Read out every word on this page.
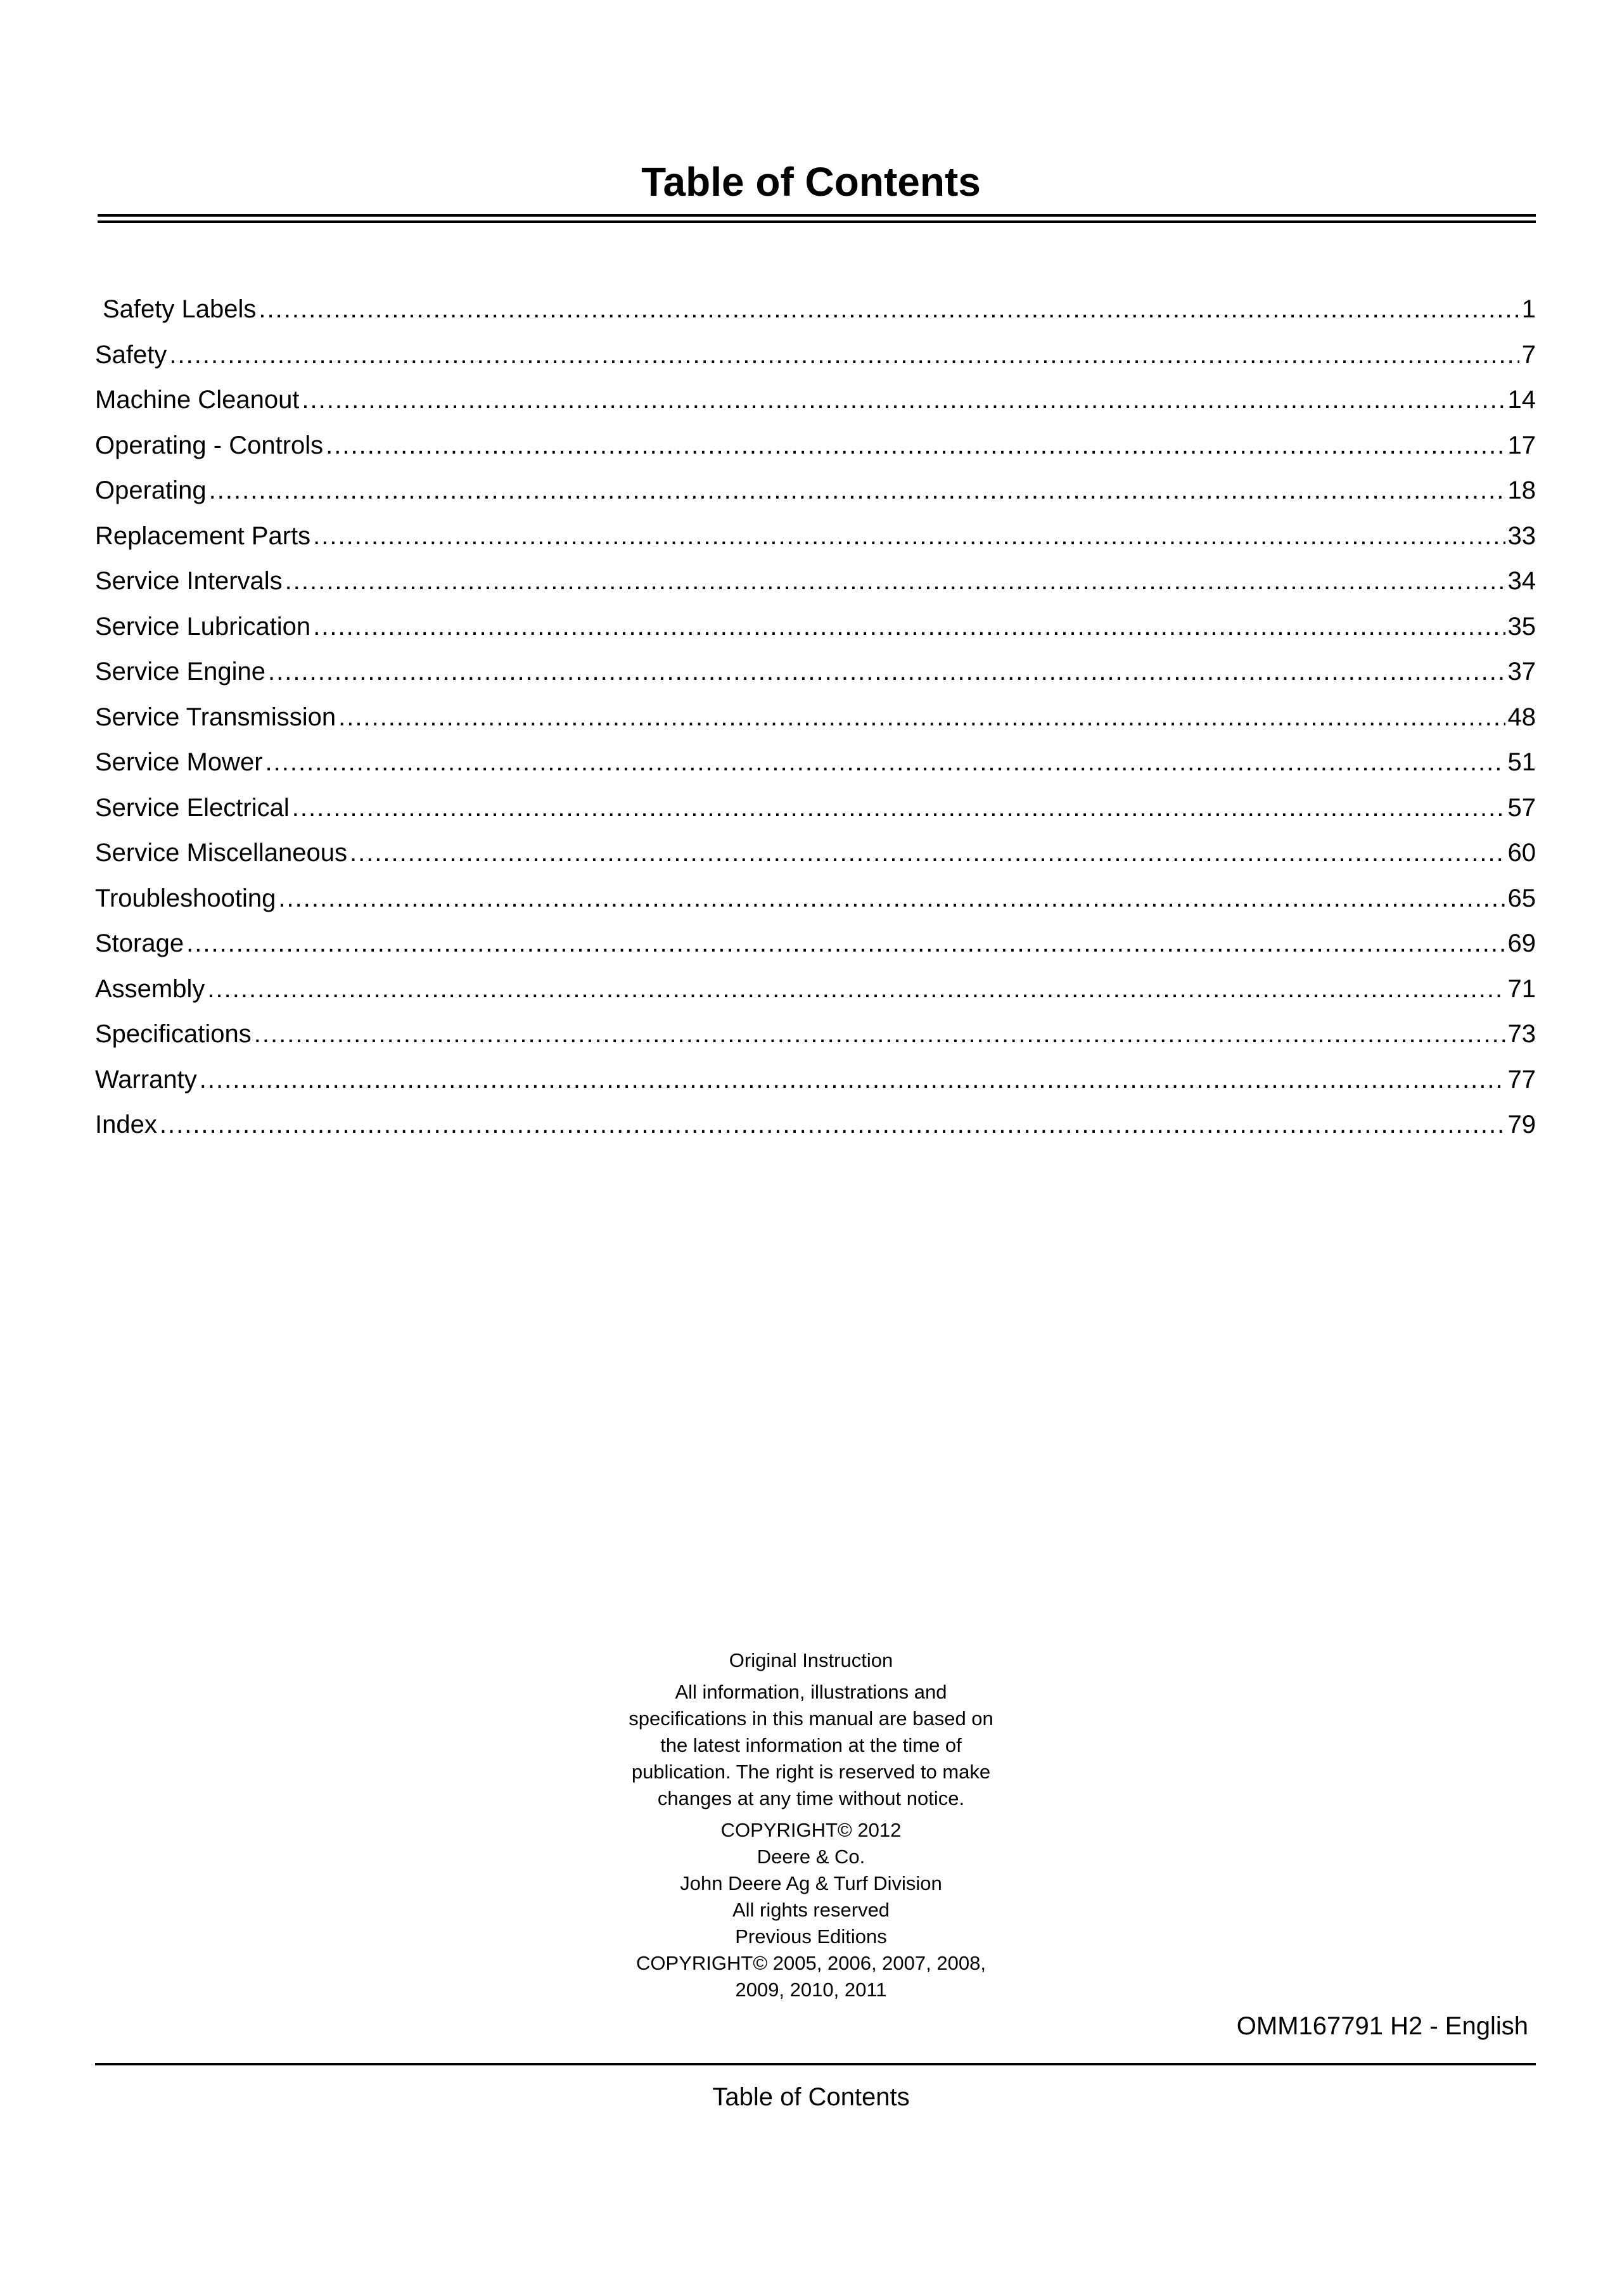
Table of Contents
Safety Labels .....	1
Safety .....	7
Machine Cleanout .....	14
Operating - Controls .....	17
Operating .....	18
Replacement Parts .....	33
Service Intervals .....	34
Service Lubrication .....	35
Service Engine .....	37
Service Transmission .....	48
Service Mower .....	51
Service Electrical .....	57
Service Miscellaneous .....	60
Troubleshooting .....	65
Storage .....	69
Assembly .....	71
Specifications .....	73
Warranty .....	77
Index .....	79

Original Instruction

All information, illustrations and specifications in this manual are based on the latest information at the time of publication. The right is reserved to make changes at any time without notice.

COPYRIGHT© 2012
Deere & Co.
John Deere Ag & Turf Division
All rights reserved
Previous Editions
COPYRIGHT© 2005, 2006, 2007, 2008, 2009, 2010, 2011

OMM167791 H2 - English
Table of Contents
